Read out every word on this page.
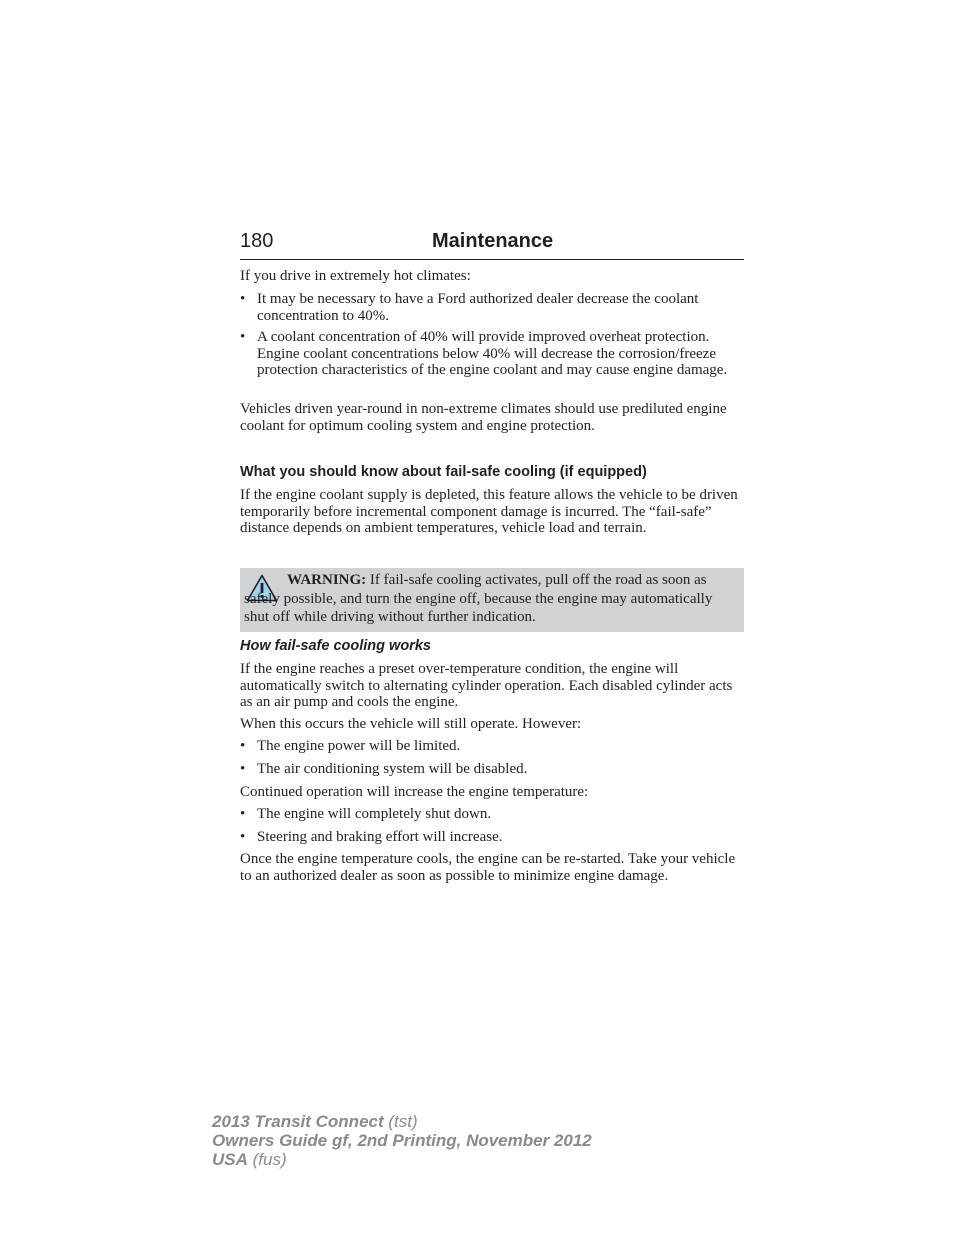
180	Maintenance

If you drive in extremely hot climates:

• It may be necessary to have a Ford authorized dealer decrease the coolant concentration to 40%.
• A coolant concentration of 40% will provide improved overheat protection. Engine coolant concentrations below 40% will decrease the corrosion/freeze protection characteristics of the engine coolant and may cause engine damage.

Vehicles driven year-round in non-extreme climates should use prediluted engine coolant for optimum cooling system and engine protection.

What you should know about fail-safe cooling (if equipped)

If the engine coolant supply is depleted, this feature allows the vehicle to be driven temporarily before incremental component damage is incurred. The “fail-safe” distance depends on ambient temperatures, vehicle load and terrain.

WARNING: If fail-safe cooling activates, pull off the road as soon as safely possible, and turn the engine off, because the engine may automatically shut off while driving without further indication.
How fail-safe cooling works

If the engine reaches a preset over-temperature condition, the engine will automatically switch to alternating cylinder operation. Each disabled cylinder acts as an air pump and cools the engine.

When this occurs the vehicle will still operate. However:

• The engine power will be limited.
• The air conditioning system will be disabled.

Continued operation will increase the engine temperature:

• The engine will completely shut down.
• Steering and braking effort will increase.

Once the engine temperature cools, the engine can be re-started. Take your vehicle to an authorized dealer as soon as possible to minimize engine damage.

2013 Transit Connect (tst)
Owners Guide gf, 2nd Printing, November 2012
USA (fus)
